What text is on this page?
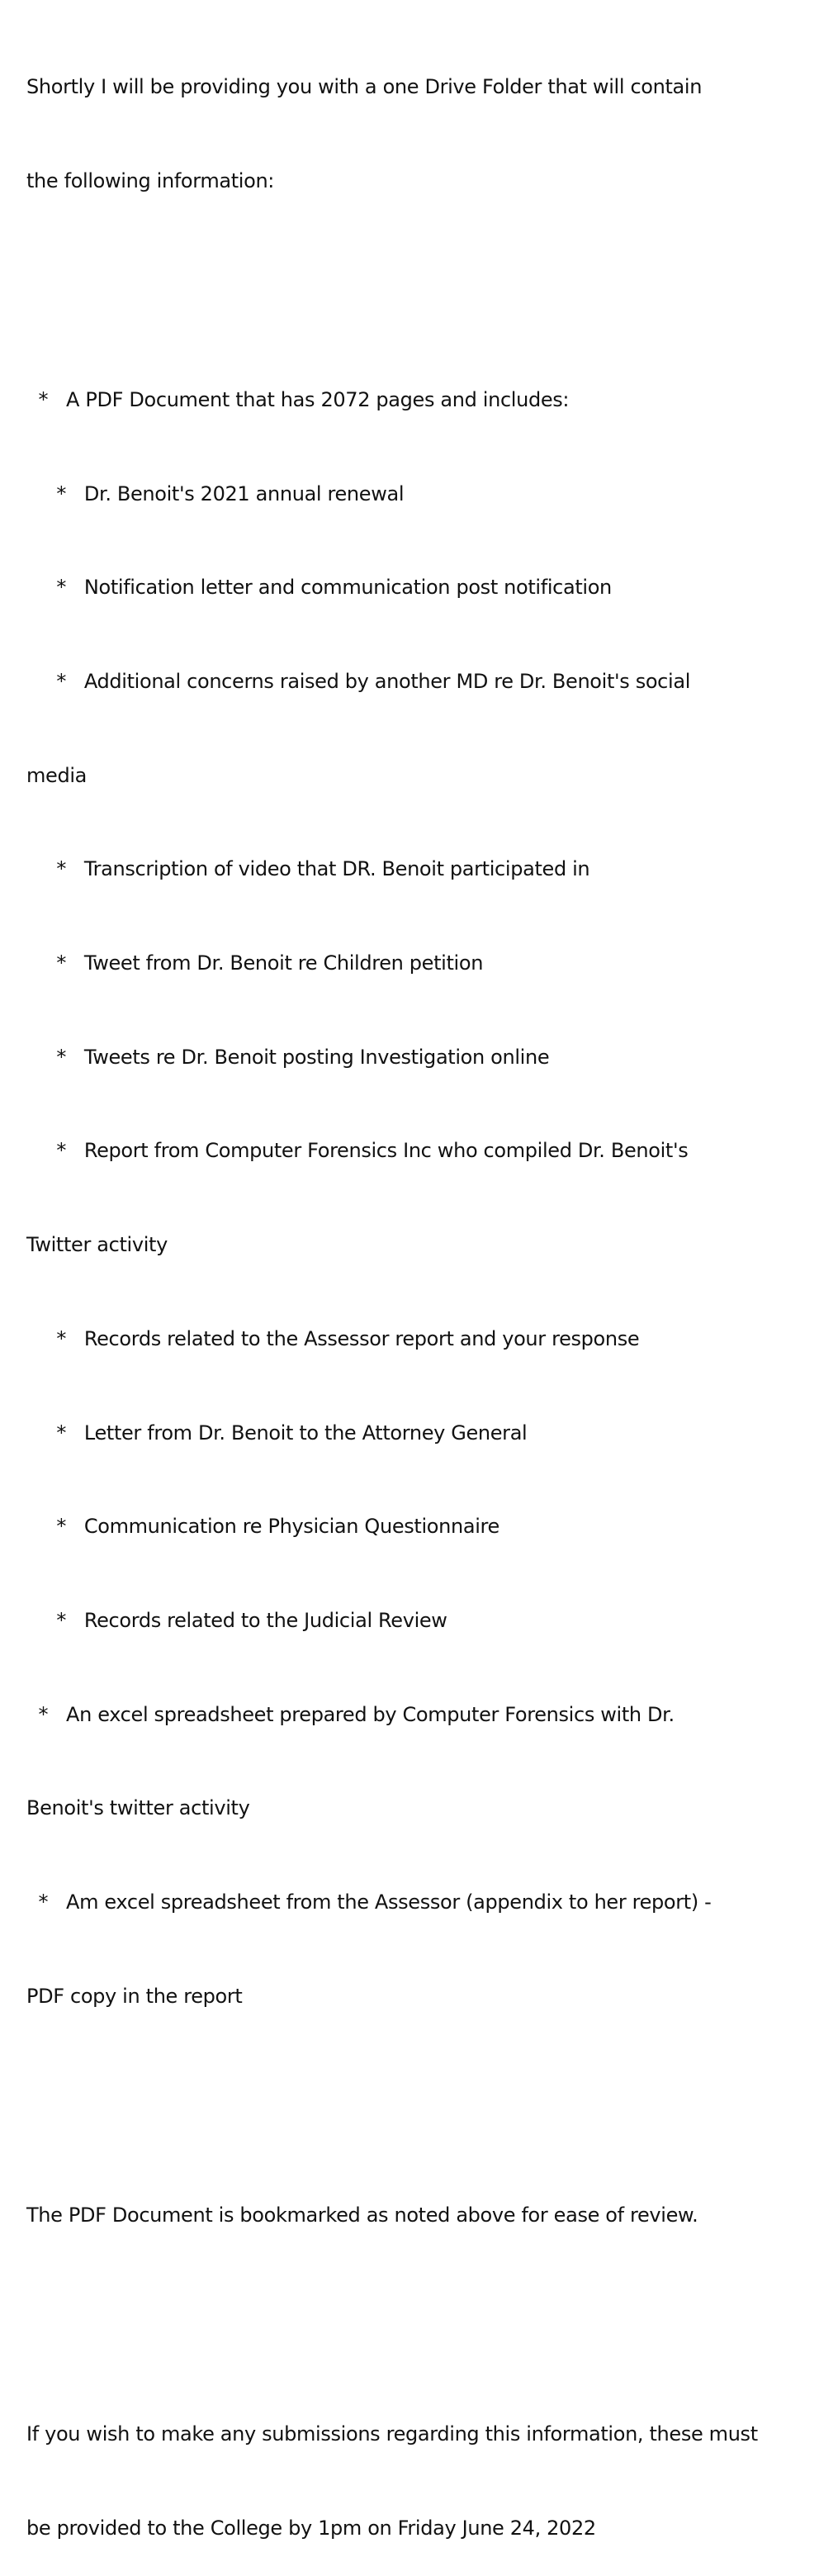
Shortly I will be providing you with a one Drive Folder that will contain

the following information:

*   A PDF Document that has 2072 pages and includes:

*   Dr. Benoit's 2021 annual renewal

*   Notification letter and communication post notification

*   Additional concerns raised by another MD re Dr. Benoit's social

media

*   Transcription of video that DR. Benoit participated in

*   Tweet from Dr. Benoit re Children petition

*   Tweets re Dr. Benoit posting Investigation online

*   Report from Computer Forensics Inc who compiled Dr. Benoit's

Twitter activity

*   Records related to the Assessor report and your response

*   Letter from Dr. Benoit to the Attorney General

*   Communication re Physician Questionnaire

*   Records related to the Judicial Review

*   An excel spreadsheet prepared by Computer Forensics with Dr.

Benoit's twitter activity

*   Am excel spreadsheet from the Assessor (appendix to her report) -

PDF copy in the report

The PDF Document is bookmarked as noted above for ease of review.

If you wish to make any submissions regarding this information, these must

be provided to the College by 1pm on Friday June 24, 2022
